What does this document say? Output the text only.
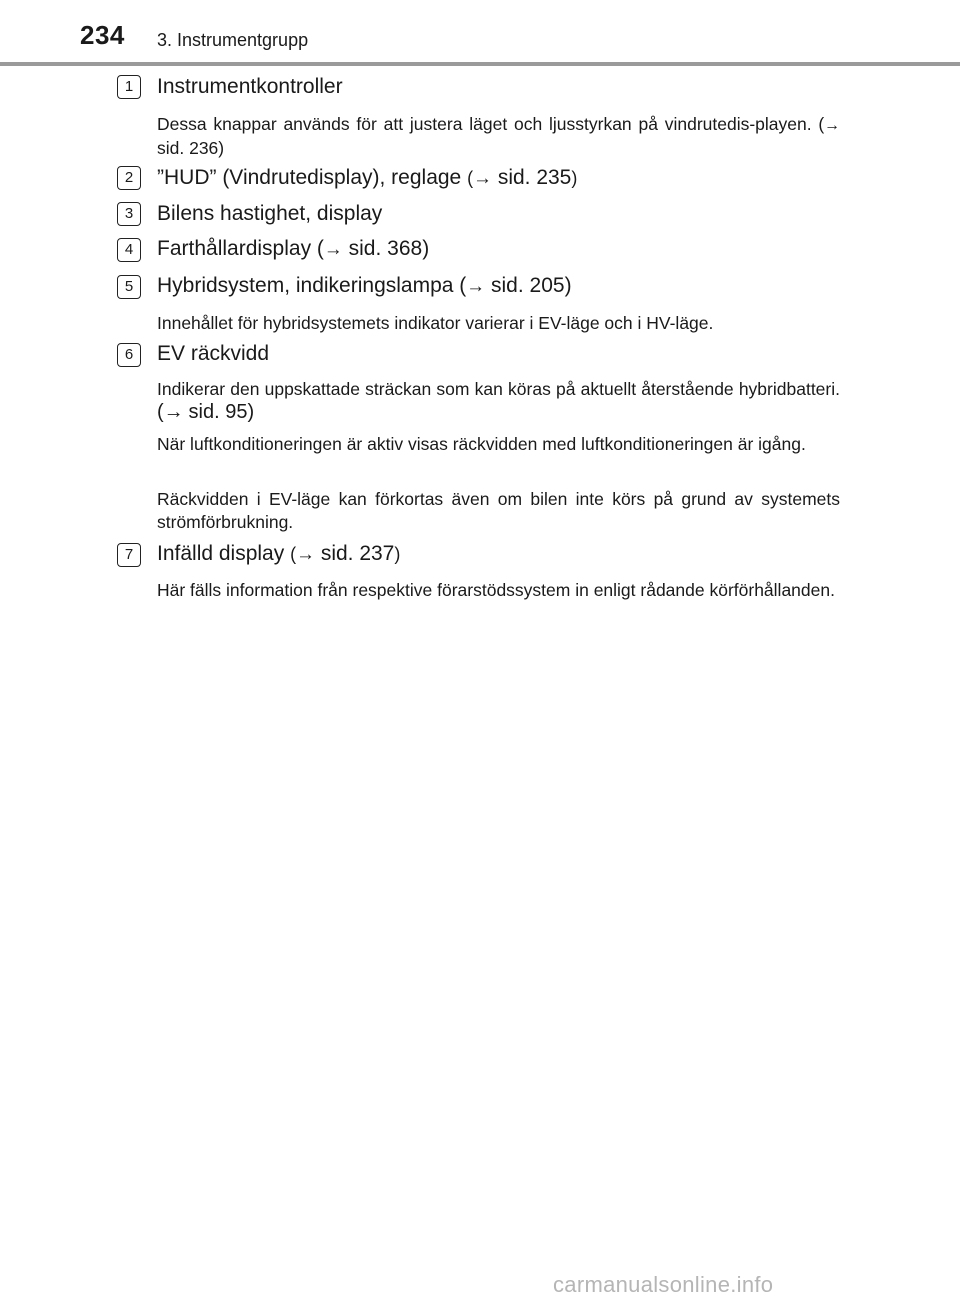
234 3. Instrumentgrupp
1	Instrumentkontroller
Dessa knappar används för att justera läget och ljusstyrkan på vindrutedis-playen. (→ sid. 236)
2	”HUD” (Vindrutedisplay), reglage (→ sid. 235)
3	Bilens hastighet, display
4	Farthållardisplay (→ sid. 368)
5	Hybridsystem, indikeringslampa (→ sid. 205)
Innehållet för hybridsystemets indikator varierar i EV-läge och i HV-läge.
6	EV räckvidd
Indikerar den uppskattade sträckan som kan köras på aktuellt återstående hybridbatteri. (→ sid. 95)
När luftkonditioneringen är aktiv visas räckvidden med luftkonditioneringen är igång.
Räckvidden i EV-läge kan förkortas även om bilen inte körs på grund av systemets strömförbrukning.
7	Infälld display (→ sid. 237)
Här fälls information från respektive förarstödssystem in enligt rådande körförhållanden.
carmanualsonline.info
